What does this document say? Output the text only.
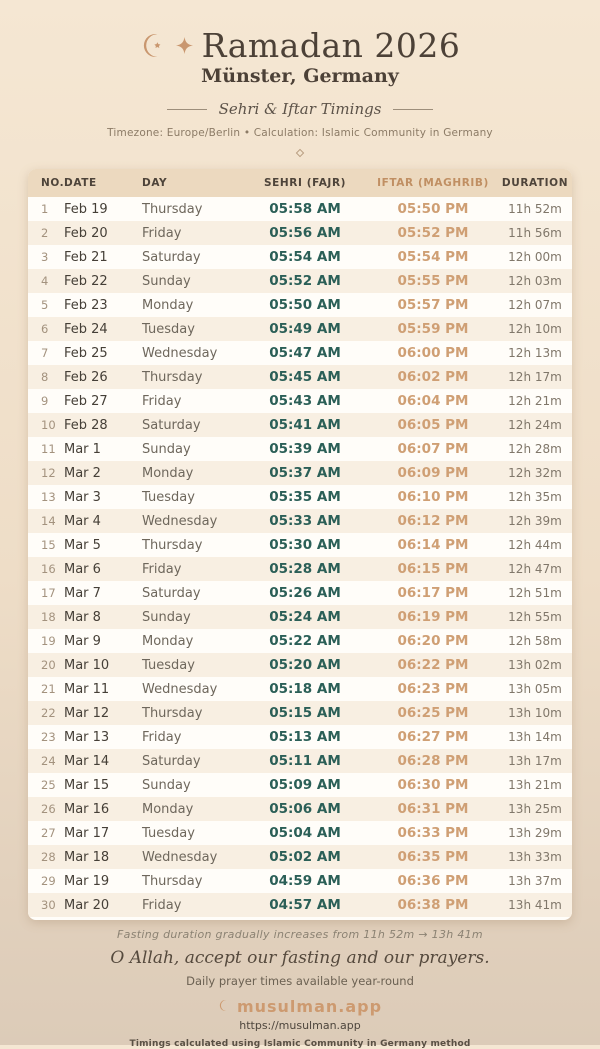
Ramadan 2026
Münster, Germany
Sehri & Iftar Timings
Timezone: Europe/Berlin • Calculation: Islamic Community in Germany
NO. DATE	DAY	SEHRI (FAJR)	IFTAR (MAGHRIB)	DURATION
1	Feb 19	Thursday	05:58 AM	05:50 PM	11h 52m
2	Feb 20	Friday	05:56 AM	05:52 PM	11h 56m
3	Feb 21	Saturday	05:54 AM	05:54 PM	12h 00m
4	Feb 22	Sunday	05:52 AM	05:55 PM	12h 03m
5	Feb 23	Monday	05:50 AM	05:57 PM	12h 07m
6	Feb 24	Tuesday	05:49 AM	05:59 PM	12h 10m
7	Feb 25	Wednesday	05:47 AM	06:00 PM	12h 13m
8	Feb 26	Thursday	05:45 AM	06:02 PM	12h 17m
9	Feb 27	Friday	05:43 AM	06:04 PM	12h 21m
10 Feb 28	Saturday	05:41 AM	06:05 PM	12h 24m
11 Mar 1	Sunday	05:39 AM	06:07 PM	12h 28m
12 Mar 2	Monday	05:37 AM	06:09 PM	12h 32m
13 Mar 3	Tuesday	05:35 AM	06:10 PM	12h 35m
14 Mar 4	Wednesday	05:33 AM	06:12 PM	12h 39m
15 Mar 5	Thursday	05:30 AM	06:14 PM	12h 44m
16 Mar 6	Friday	05:28 AM	06:15 PM	12h 47m
17 Mar 7	Saturday	05:26 AM	06:17 PM	12h 51m
18 Mar 8	Sunday	05:24 AM	06:19 PM	12h 55m
19 Mar 9	Monday	05:22 AM	06:20 PM	12h 58m
20 Mar 10	Tuesday	05:20 AM	06:22 PM	13h 02m
21 Mar 11	Wednesday	05:18 AM	06:23 PM	13h 05m
22 Mar 12	Thursday	05:15 AM	06:25 PM	13h 10m
23 Mar 13	Friday	05:13 AM	06:27 PM	13h 14m
24 Mar 14	Saturday	05:11 AM	06:28 PM	13h 17m
25 Mar 15	Sunday	05:09 AM	06:30 PM	13h 21m
26 Mar 16	Monday	05:06 AM	06:31 PM	13h 25m
27 Mar 17	Tuesday	05:04 AM	06:33 PM	13h 29m
28 Mar 18	Wednesday	05:02 AM	06:35 PM	13h 33m
29 Mar 19	Thursday	04:59 AM	06:36 PM	13h 37m
30 Mar 20	Friday	04:57 AM	06:38 PM	13h 41m
Fasting duration gradually increases from 11h 52m → 13h 41m
O Allah, accept our fasting and our prayers.
Daily prayer times available year-round
musulman.app
https://musulman.app
Timings calculated using Islamic Community in Germany method
